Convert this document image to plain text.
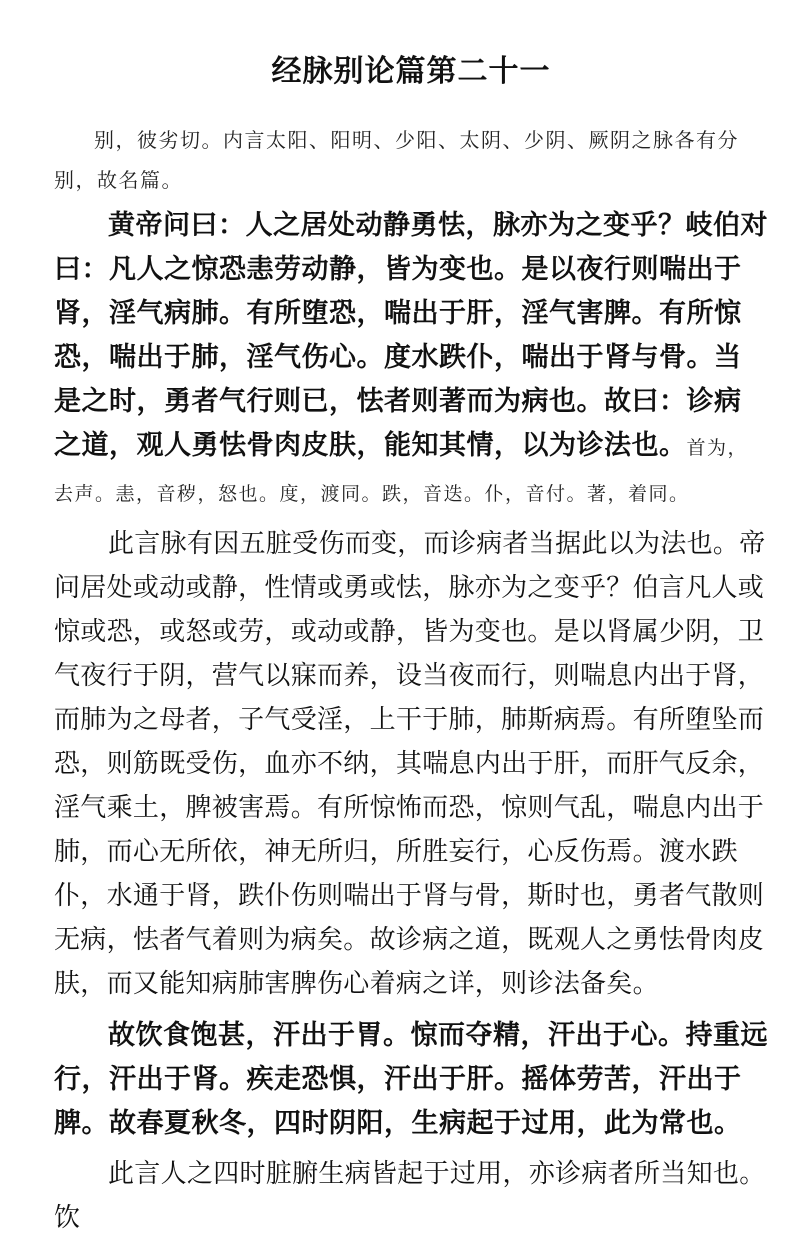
经脉别论篇第二十一

别，彼劣切。内言太阳、阳明、少阳、太阴、少阴、厥阴之脉各有分别，故名篇。

黄帝问曰：人之居处动静勇怯，脉亦为之变乎？岐伯对曰：凡人之惊恐恚劳动静，皆为变也。是以夜行则喘出于肾，淫气病肺。有所堕恐，喘出于肝，淫气害脾。有所惊恐，喘出于肺，淫气伤心。度水跌仆，喘出于肾与骨。当是之时，勇者气行则已，怯者则著而为病也。故曰：诊病之道，观人勇怯骨肉皮肤，能知其情，以为诊法也。首为，去声。恚，音秽，怒也。度，渡同。跌，音迭。仆，音付。著，着同。

此言脉有因五脏受伤而变，而诊病者当据此以为法也。帝问居处或动或静，性情或勇或怯，脉亦为之变乎？伯言凡人或惊或恐，或怒或劳，或动或静，皆为变也。是以肾属少阴，卫气夜行于阴，营气以寐而养，设当夜而行，则喘息内出于肾，而肺为之母者，子气受淫，上干于肺，肺斯病焉。有所堕坠而恐，则筋既受伤，血亦不纳，其喘息内出于肝，而肝气反余，淫气乘土，脾被害焉。有所惊怖而恐，惊则气乱，喘息内出于肺，而心无所依，神无所归，所胜妄行，心反伤焉。渡水跌仆，水通于肾，跌仆伤则喘出于肾与骨，斯时也，勇者气散则无病，怯者气着则为病矣。故诊病之道，既观人之勇怯骨肉皮肤，而又能知病肺害脾伤心着病之详，则诊法备矣。

故饮食饱甚，汗出于胃。惊而夺精，汗出于心。持重远行，汗出于肾。疾走恐惧，汗出于肝。摇体劳苦，汗出于脾。故春夏秋冬，四时阴阳，生病起于过用，此为常也。

此言人之四时脏腑生病皆起于过用，亦诊病者所当知也。饮
